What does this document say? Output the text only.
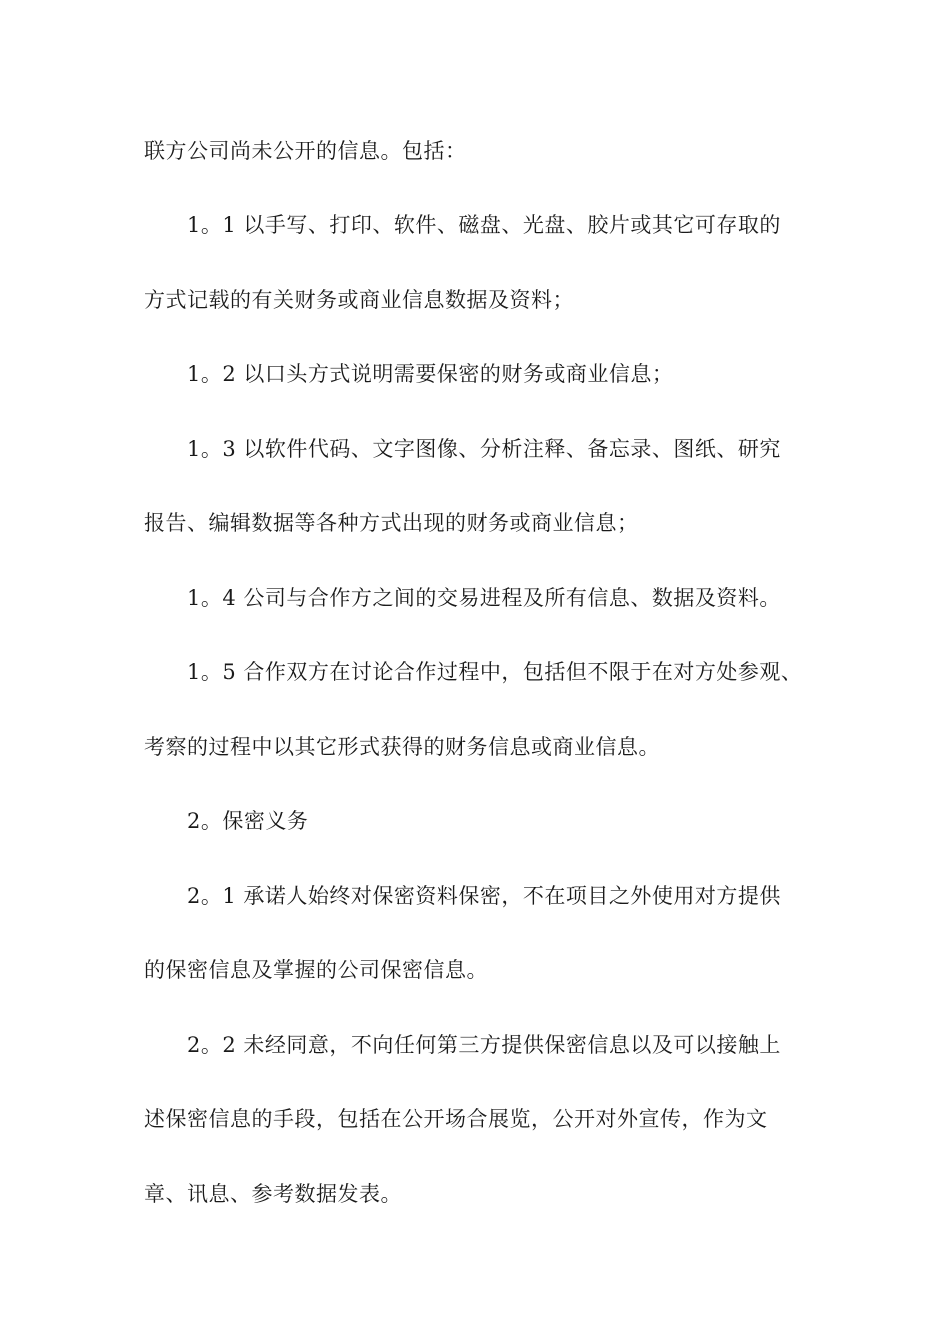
联方公司尚未公开的信息。包括：
1。1 以手写、打印、软件、磁盘、光盘、胶片或其它可存取的
方式记载的有关财务或商业信息数据及资料；
1。2 以口头方式说明需要保密的财务或商业信息；
1。3 以软件代码、文字图像、分析注释、备忘录、图纸、研究
报告、编辑数据等各种方式出现的财务或商业信息；
1。4 公司与合作方之间的交易进程及所有信息、数据及资料。
1。5 合作双方在讨论合作过程中，包括但不限于在对方处参观、
考察的过程中以其它形式获得的财务信息或商业信息。
2。保密义务
2。1 承诺人始终对保密资料保密，不在项目之外使用对方提供
的保密信息及掌握的公司保密信息。
2。2 未经同意，不向任何第三方提供保密信息以及可以接触上
述保密信息的手段，包括在公开场合展览，公开对外宣传，作为文
章、讯息、参考数据发表。
